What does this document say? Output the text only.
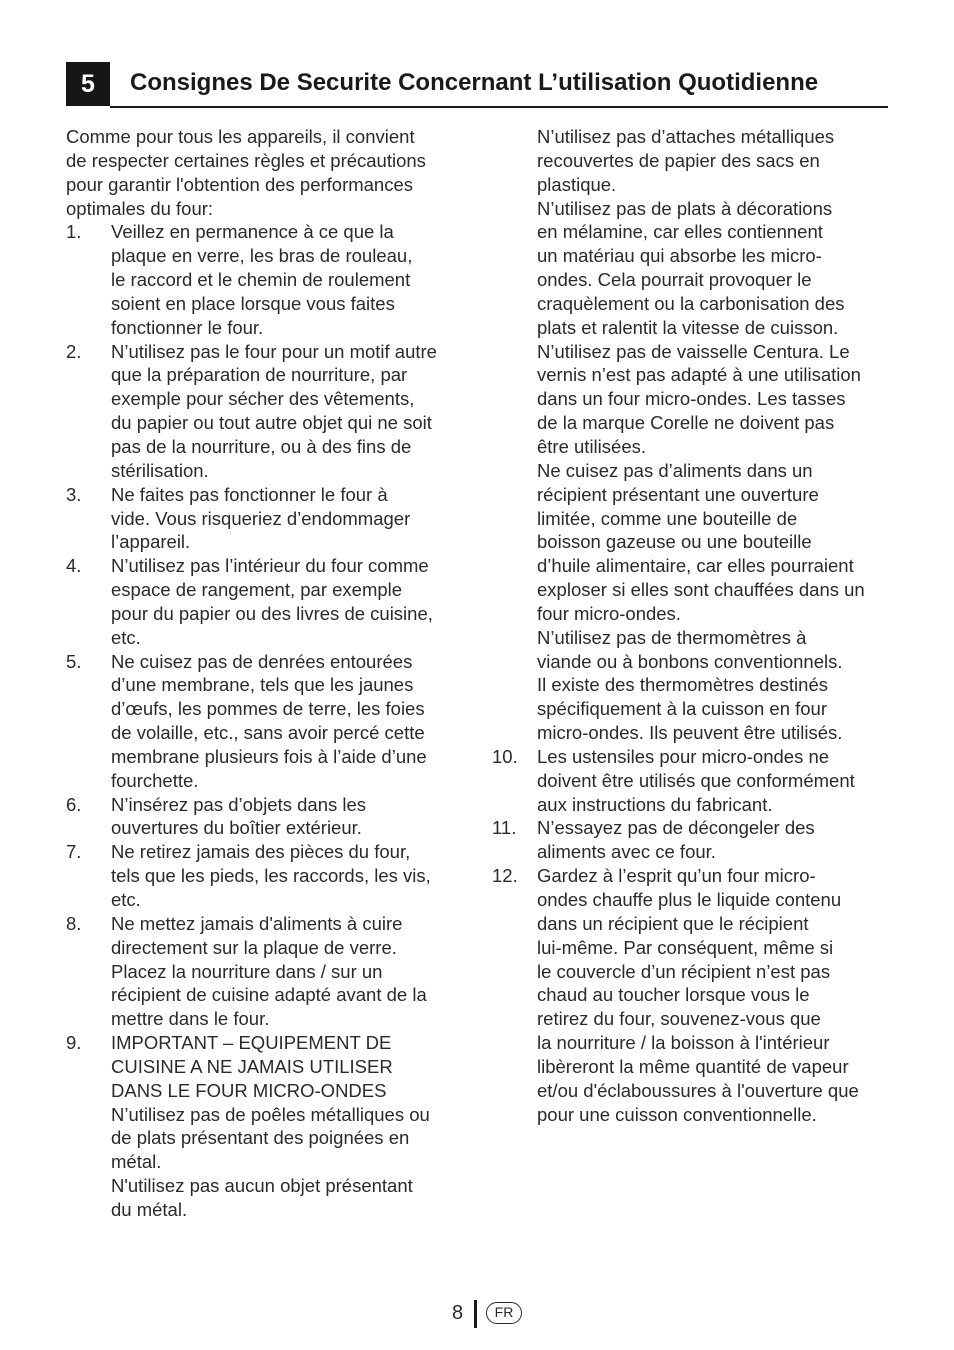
5	Consignes De Securite Concernant L’utilisation Quotidienne
Comme pour tous les appareils, il convient
de respecter certaines règles et précautions
pour garantir l'obtention des performances
optimales du four:
1. Veillez en permanence à ce que la
plaque en verre, les bras de rouleau,
le raccord et le chemin de roulement
soient en place lorsque vous faites
fonctionner le four.
2. N’utilisez pas le four pour un motif autre
que la préparation de nourriture, par
exemple pour sécher des vêtements,
du papier ou tout autre objet qui ne soit
pas de la nourriture, ou à des fins de
stérilisation.
3. Ne faites pas fonctionner le four à
vide. Vous risqueriez d’endommager
l’appareil.
4. N’utilisez pas l’intérieur du four comme
espace de rangement, par exemple
pour du papier ou des livres de cuisine,
etc.
5. Ne cuisez pas de denrées entourées
d’une membrane, tels que les jaunes
d’œufs, les pommes de terre, les foies
de volaille, etc., sans avoir percé cette
membrane plusieurs fois à l’aide d’une
fourchette.
6. N’insérez pas d’objets dans les
ouvertures du boîtier extérieur.
7. Ne retirez jamais des pièces du four,
tels que les pieds, les raccords, les vis,
etc.
8. Ne mettez jamais d'aliments à cuire
directement sur la plaque de verre.
Placez la nourriture dans / sur un
récipient de cuisine adapté avant de la
mettre dans le four.
9. IMPORTANT – EQUIPEMENT DE
CUISINE A NE JAMAIS UTILISER
DANS LE FOUR MICRO-ONDES
N’utilisez pas de poêles métalliques ou
de plats présentant des poignées en
métal.
N'utilisez pas aucun objet présentant
du métal.
N’utilisez pas d’attaches métalliques
recouvertes de papier des sacs en
plastique.
N’utilisez pas de plats à décorations
en mélamine, car elles contiennent
un matériau qui absorbe les micro-
ondes. Cela pourrait provoquer le
craquèlement ou la carbonisation des
plats et ralentit la vitesse de cuisson.
N’utilisez pas de vaisselle Centura. Le
vernis n’est pas adapté à une utilisation
dans un four micro-ondes. Les tasses
de la marque Corelle ne doivent pas
être utilisées.
Ne cuisez pas d’aliments dans un
récipient présentant une ouverture
limitée, comme une bouteille de
boisson gazeuse ou une bouteille
d’huile alimentaire, car elles pourraient
exploser si elles sont chauffées dans un
four micro-ondes.
N’utilisez pas de thermomètres à
viande ou à bonbons conventionnels.
Il existe des thermomètres destinés
spécifiquement à la cuisson en four
micro-ondes. Ils peuvent être utilisés.
10. Les ustensiles pour micro-ondes ne
doivent être utilisés que conformément
aux instructions du fabricant.
11. N’essayez pas de décongeler des
aliments avec ce four.
12. Gardez à l’esprit qu’un four micro-
ondes chauffe plus le liquide contenu
dans un récipient que le récipient
lui-même. Par conséquent, même si
le couvercle d’un récipient n’est pas
chaud au toucher lorsque vous le
retirez du four, souvenez-vous que
la nourriture / la boisson à l'intérieur
libèreront la même quantité de vapeur
et/ou d'éclaboussures à l'ouverture que
pour une cuisson conventionnelle.
8	FR
